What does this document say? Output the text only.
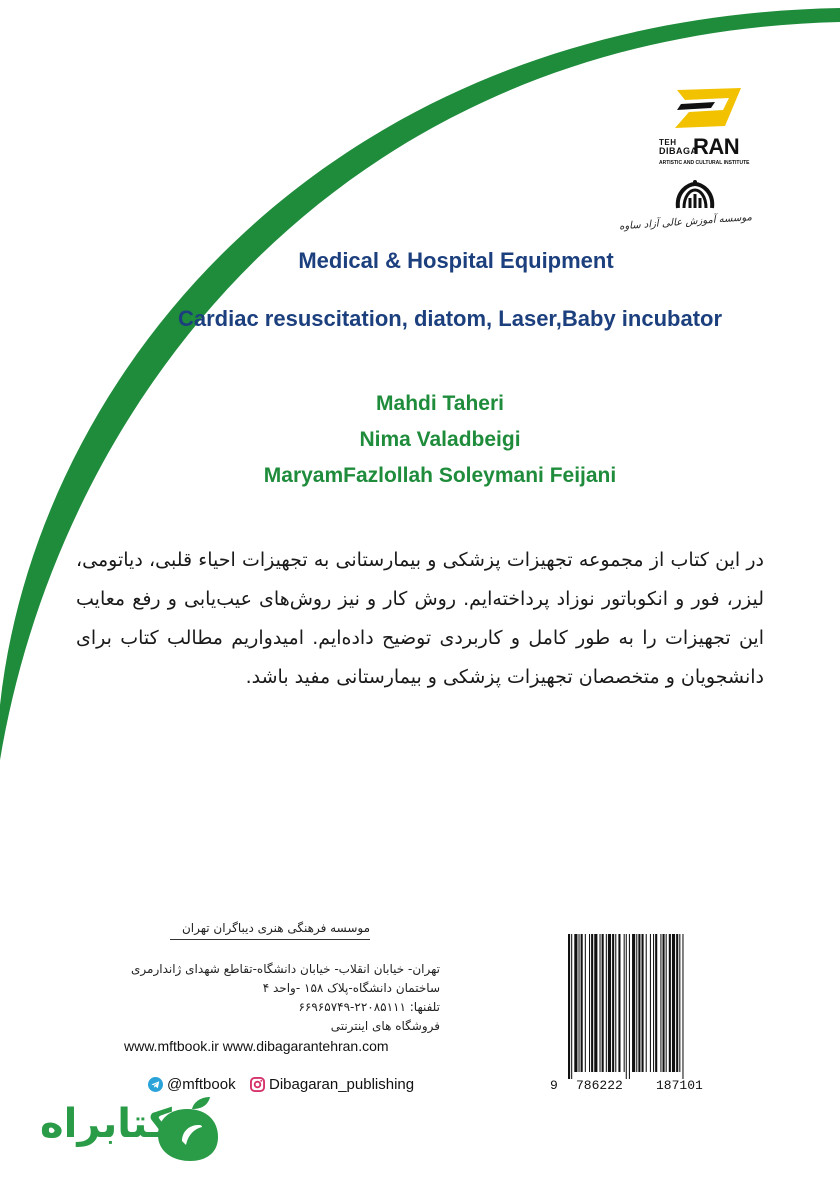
TEH
DIBAGA
RAN
ARTISTIC AND CULTURAL INSTITUTE
موسسه آموزش عالی آزاد ساوه
Medical & Hospital Equipment
Cardiac resuscitation, diatom, Laser,Baby incubator
Mahdi Taheri
Nima Valadbeigi
MaryamFazlollah Soleymani Feijani
در این کتاب از مجموعه تجهیزات پزشکی و بیمارستانی به تجهیزات احیاء قلبی، دیاتومی، لیزر، فور و انکوباتور نوزاد پرداخته‌ایم. روش کار و نیز روش‌های عیب‌یابی و رفع معایب این تجهیزات را به طور کامل و کاربردی توضیح داده‌ایم. امیدواریم مطالب کتاب برای دانشجویان و متخصصان تجهیزات پزشکی و بیمارستانی مفید باشد.
موسسه فرهنگی هنری دیباگران تهران
تهران- خیابان انقلاب- خیابان دانشگاه-تقاطع شهدای ژاندارمری
ساختمان دانشگاه-پلاک ۱۵۸ -واحد ۴
تلفنها: ۲۲۰۸۵۱۱۱-۶۶۹۶۵۷۴۹
فروشگاه های اینترنتی
www.mftbook.ir www.dibagarantehran.com
@mftbook Dibagaran_publishing	9 786222	187101
کتابراه
